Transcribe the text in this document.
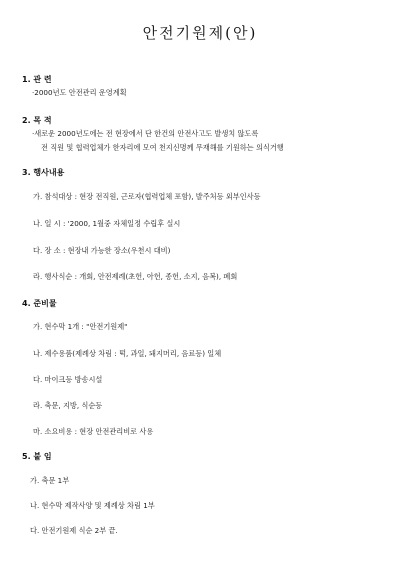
안전기원제(안)
1. 관 련
·2000년도 안전관리 운영계획
2. 목 적
·새로운 2000년도에는 전 현장에서 단 한건의 안전사고도 발생치 않도록
전 직원 및 협력업체가 한자리에 모여 천지신명께 무재해를 기원하는 의식거행
3. 행사내용
가. 참석대상 : 현장 전직원, 근로자(협력업체 포함), 발주처등 외부인사등
나. 일 시 : '2000, 1월중 자체일정 수립후 실시
다. 장 소 : 현장내 가능한 장소(우천시 대비)
라. 행사식순 : 개회, 안전제례(초헌, 아헌, 종헌, 소지, 음복), 폐회
4. 준비물
가. 현수막 1개 : "안전기원제"
나. 제수용품(제례상 차림 : 떡, 과일, 돼지머리, 음료등) 일체
다. 마이크등 방송시설
라. 축문, 지방, 식순등
마. 소요비용 : 현장 안전관리비로 사용
5. 붙 임
가. 축문 1부
나. 현수막 제작사양 및 제례상 차림 1부
다. 안전기원제 식순 2부 끝.
